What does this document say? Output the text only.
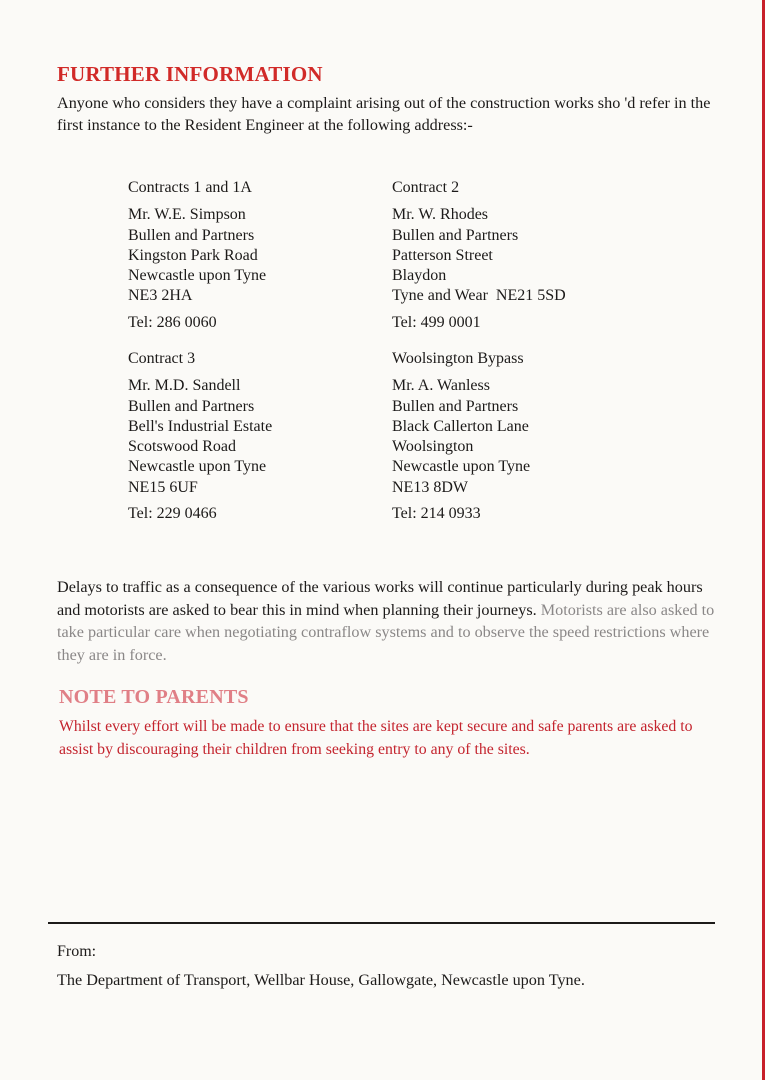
FURTHER INFORMATION

Anyone who considers they have a complaint arising out of the construction works sho 'd refer in the first instance to the Resident Engineer at the following address:-

Contracts 1 and 1A
Mr. W.E. Simpson
Bullen and Partners
Kingston Park Road
Newcastle upon Tyne
NE3 2HA
Tel: 286 0060
Contract 2
Mr. W. Rhodes
Bullen and Partners
Patterson Street
Blaydon
Tyne and Wear  NE21 5SD
Tel: 499 0001
Contract 3
Mr. M.D. Sandell
Bullen and Partners
Bell's Industrial Estate
Scotswood Road
Newcastle upon Tyne
NE15 6UF
Tel: 229 0466
Woolsington Bypass
Mr. A. Wanless
Bullen and Partners
Black Callerton Lane
Woolsington
Newcastle upon Tyne
NE13 8DW
Tel: 214 0933

Delays to traffic as a consequence of the various works will continue particularly during peak hours and motorists are asked to bear this in mind when planning their journeys. Motorists are also asked to take particular care when negotiating contraflow systems and to observe the speed restrictions where they are in force.

NOTE TO PARENTS

Whilst every effort will be made to ensure that the sites are kept secure and safe parents are asked to assist by discouraging their children from seeking entry to any of the sites.

From:
The Department of Transport, Wellbar House, Gallowgate, Newcastle upon Tyne.
